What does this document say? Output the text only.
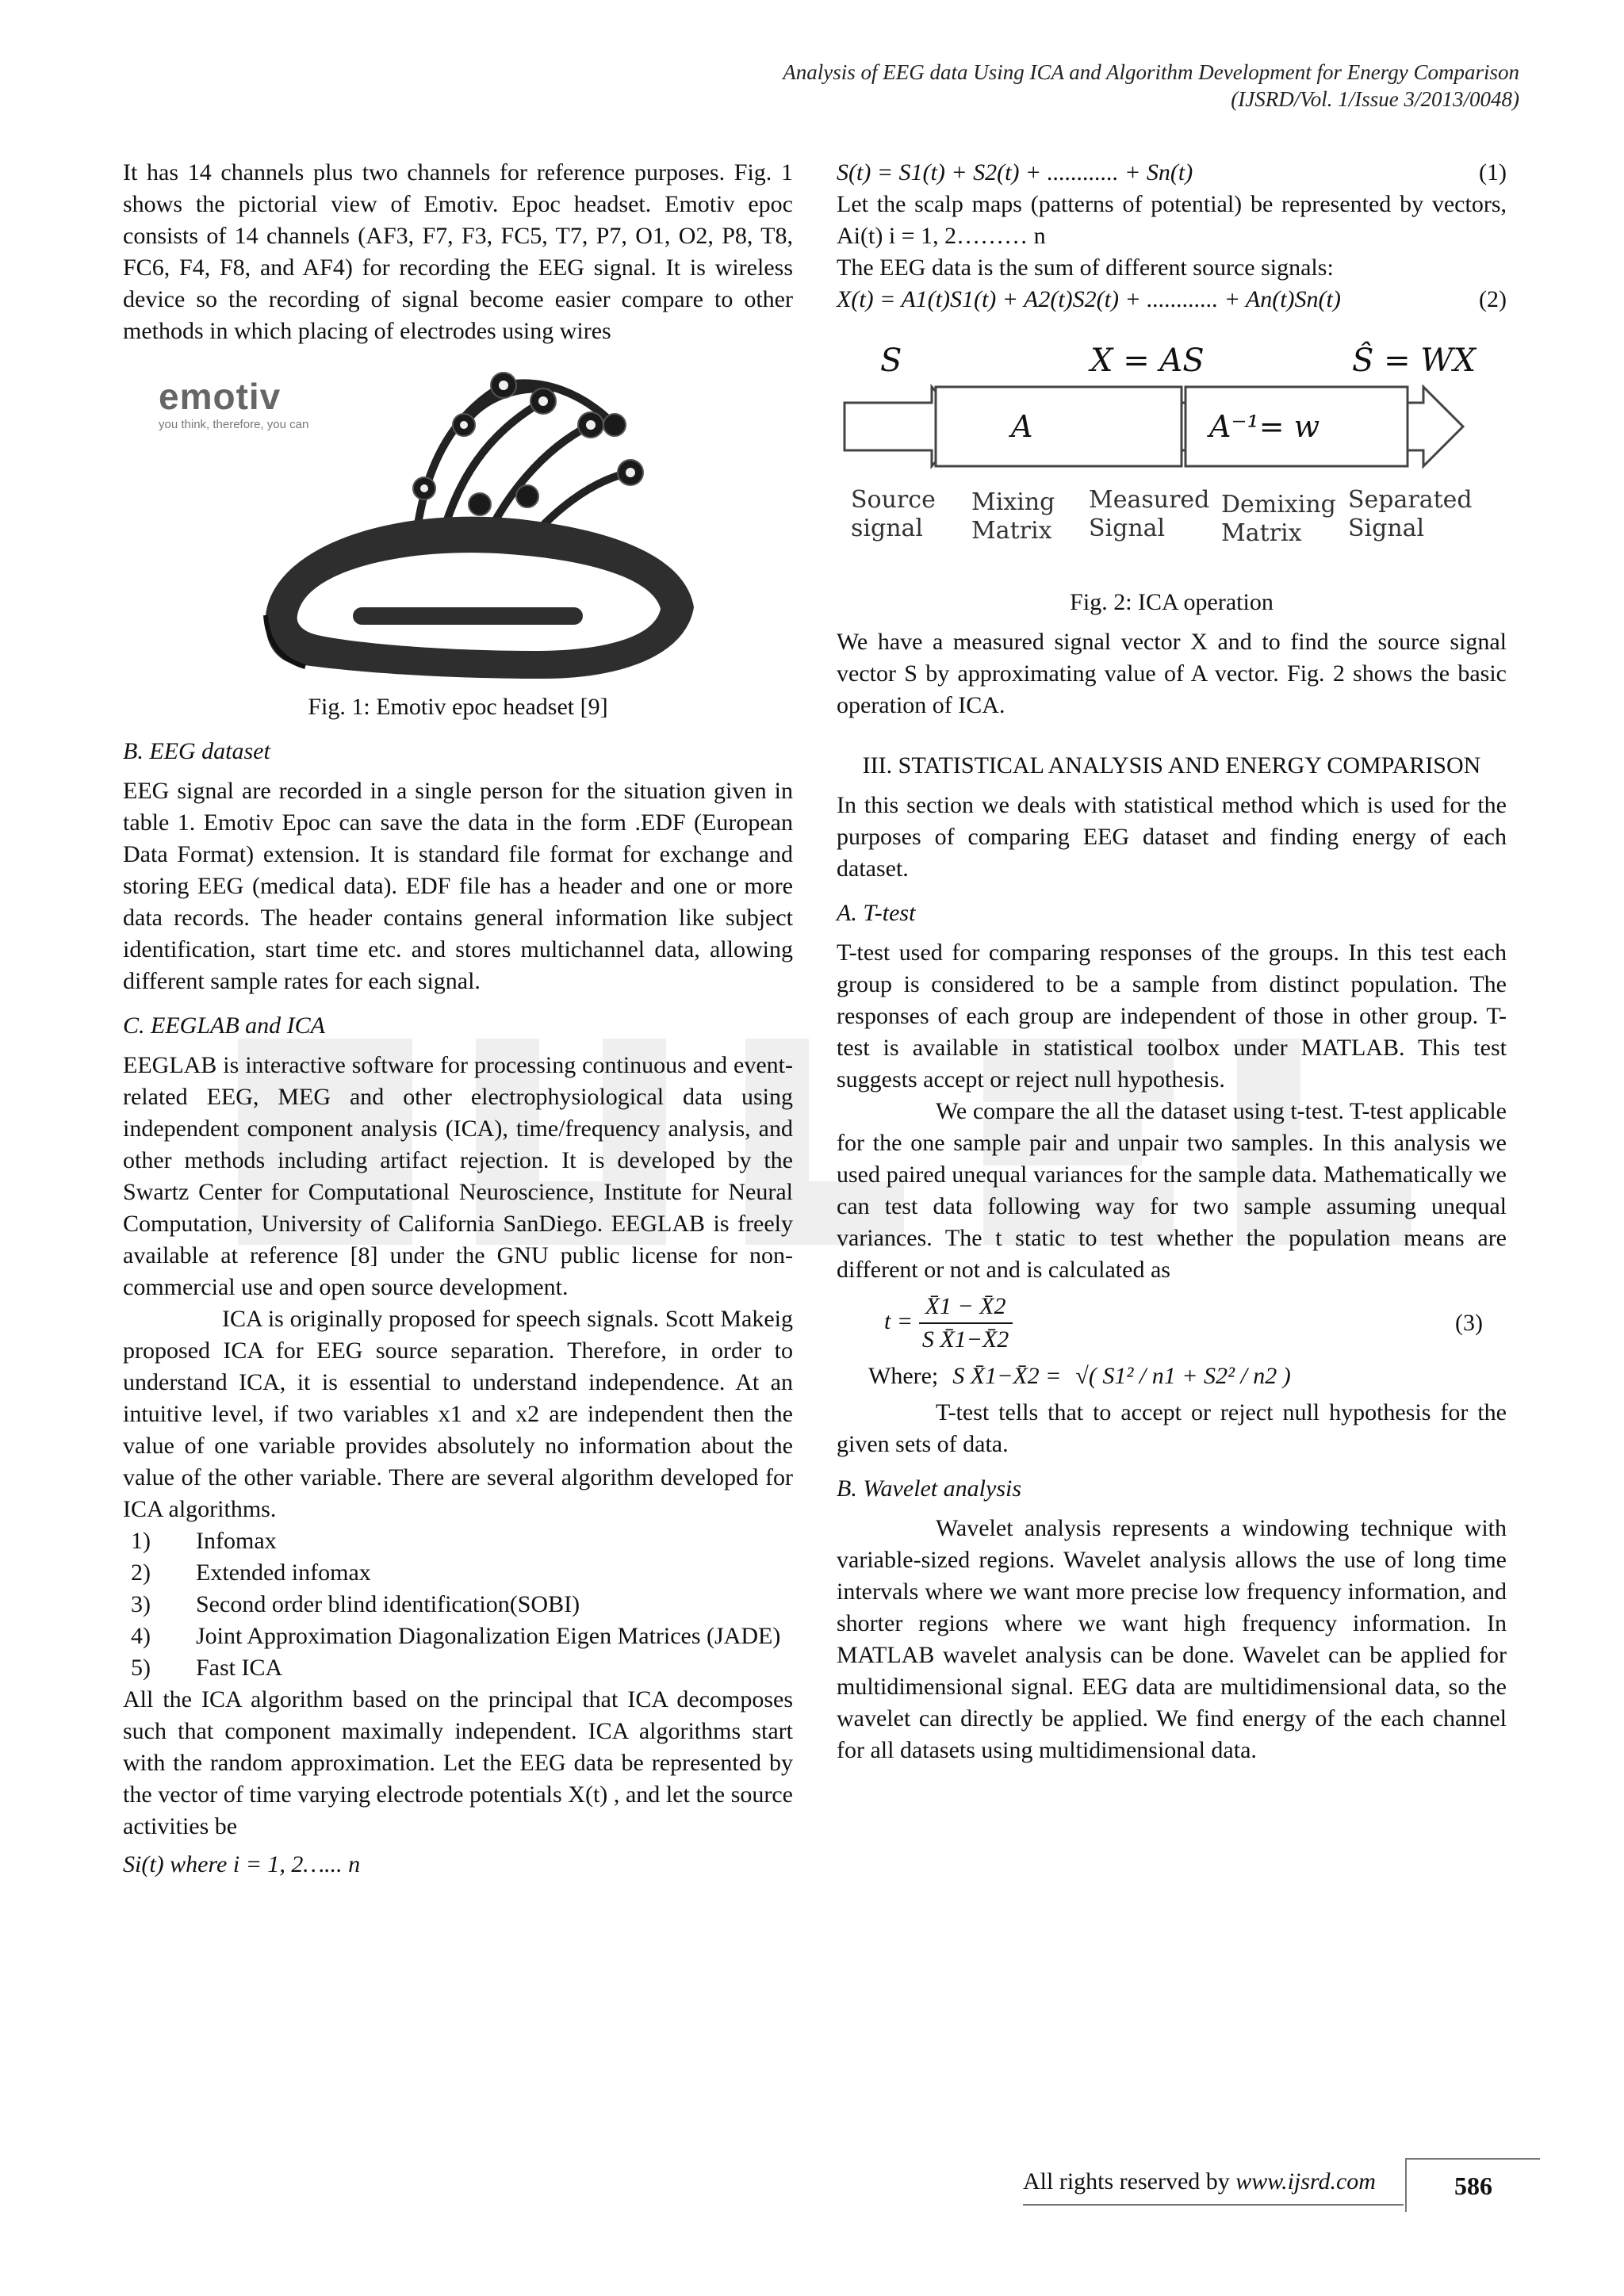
Analysis of EEG data Using ICA and Algorithm Development for Energy Comparison
(IJSRD/Vol. 1/Issue 3/2013/0048)

It has 14 channels plus two channels for reference purposes. Fig. 1 shows the pictorial view of Emotiv. Epoc headset. Emotiv epoc consists of 14 channels (AF3, F7, F3, FC5, T7, P7, O1, O2, P8, T8, FC6, F4, F8, and AF4) for recording the EEG signal. It is wireless device so the recording of signal become easier compare to other methods in which placing of electrodes using wires

emotiv
you think, therefore, you can
Fig. 1: Emotiv epoc headset [9]
B. EEG dataset

EEG signal are recorded in a single person for the situation given in table 1. Emotiv Epoc can save the data in the form .EDF (European Data Format) extension. It is standard file format for exchange and storing EEG (medical data). EDF file has a header and one or more data records. The header contains general information like subject identification, start time etc. and stores multichannel data, allowing different sample rates for each signal.

C. EEGLAB and ICA

EEGLAB is interactive software for processing continuous and event-related EEG, MEG and other electrophysiological data using independent component analysis (ICA), time/frequency analysis, and other methods including artifact rejection. It is developed by the Swartz Center for Computational Neuroscience, Institute for Neural Computation, University of California SanDiego. EEGLAB is freely available at reference [8] under the GNU public license for non-commercial use and open source development.

ICA is originally proposed for speech signals. Scott Makeig proposed ICA for EEG source separation. Therefore, in order to understand ICA, it is essential to understand independence. At an intuitive level, if two variables x1 and x2 are independent then the value of one variable provides absolutely no information about the value of the other variable. There are several algorithm developed for ICA algorithms.

1)	Infomax
2)	Extended infomax
3)	Second order blind identification(SOBI)
4)	Joint Approximation Diagonalization Eigen Matrices (JADE)
5)	Fast ICA

All the ICA algorithm based on the principal that ICA decomposes such that component maximally independent. ICA algorithms start with the random approximation. Let the EEG data be represented by the vector of time varying electrode potentials X(t) , and let the source activities be

Si(t) where i = 1, 2…... n

S(t) = S1(t) + S2(t) + ............ + Sn(t)	(1)

Let the scalp maps (patterns of potential) be represented by vectors, Ai(t) i = 1, 2……… n

The EEG data is the sum of different source signals:

X(t) = A1(t)S1(t) + A2(t)S2(t) + ............ + An(t)Sn(t)	(2)
S	X = AS	Ŝ = WX
A	A⁻¹= w
Source
signal
Mixing
Matrix
Measured
Signal
Demixing
Matrix
Separated
Signal
Fig. 2: ICA operation

We have a measured signal vector X and to find the source signal vector S by approximating value of A vector. Fig. 2 shows the basic operation of ICA.

III. STATISTICAL ANALYSIS AND ENERGY COMPARISON

In this section we deals with statistical method which is used for the purposes of comparing EEG dataset and finding energy of each dataset.

A. T-test

T-test used for comparing responses of the groups. In this test each group is considered to be a sample from distinct population. The responses of each group are independent of those in other group. T-test is available in statistical toolbox under MATLAB. This test suggests accept or reject null hypothesis.

We compare the all the dataset using t-test. T-test applicable for the one sample pair and unpair two samples. In this analysis we used paired unequal variances for the sample data. Mathematically we can test data following way for two sample assuming unequal variances. The t static to test whether the population means are different or not and is calculated as

$t = \frac{X̄1 - X̄2}{\text{S X̄1−X̄2}}$	(3)
Where; S X̄1−X̄2 = √( S1² / n1 + S2² / n2 )

T-test tells that to accept or reject null hypothesis for the given sets of data.

B. Wavelet analysis

Wavelet analysis represents a windowing technique with variable-sized regions. Wavelet analysis allows the use of long time intervals where we want more precise low frequency information, and shorter regions where we want high frequency information. In MATLAB wavelet analysis can be done. Wavelet can be applied for multidimensional signal. EEG data are multidimensional data, so the wavelet can directly be applied. We find energy of the each channel for all datasets using multidimensional data.

All rights reserved by www.ijsrd.com	586
